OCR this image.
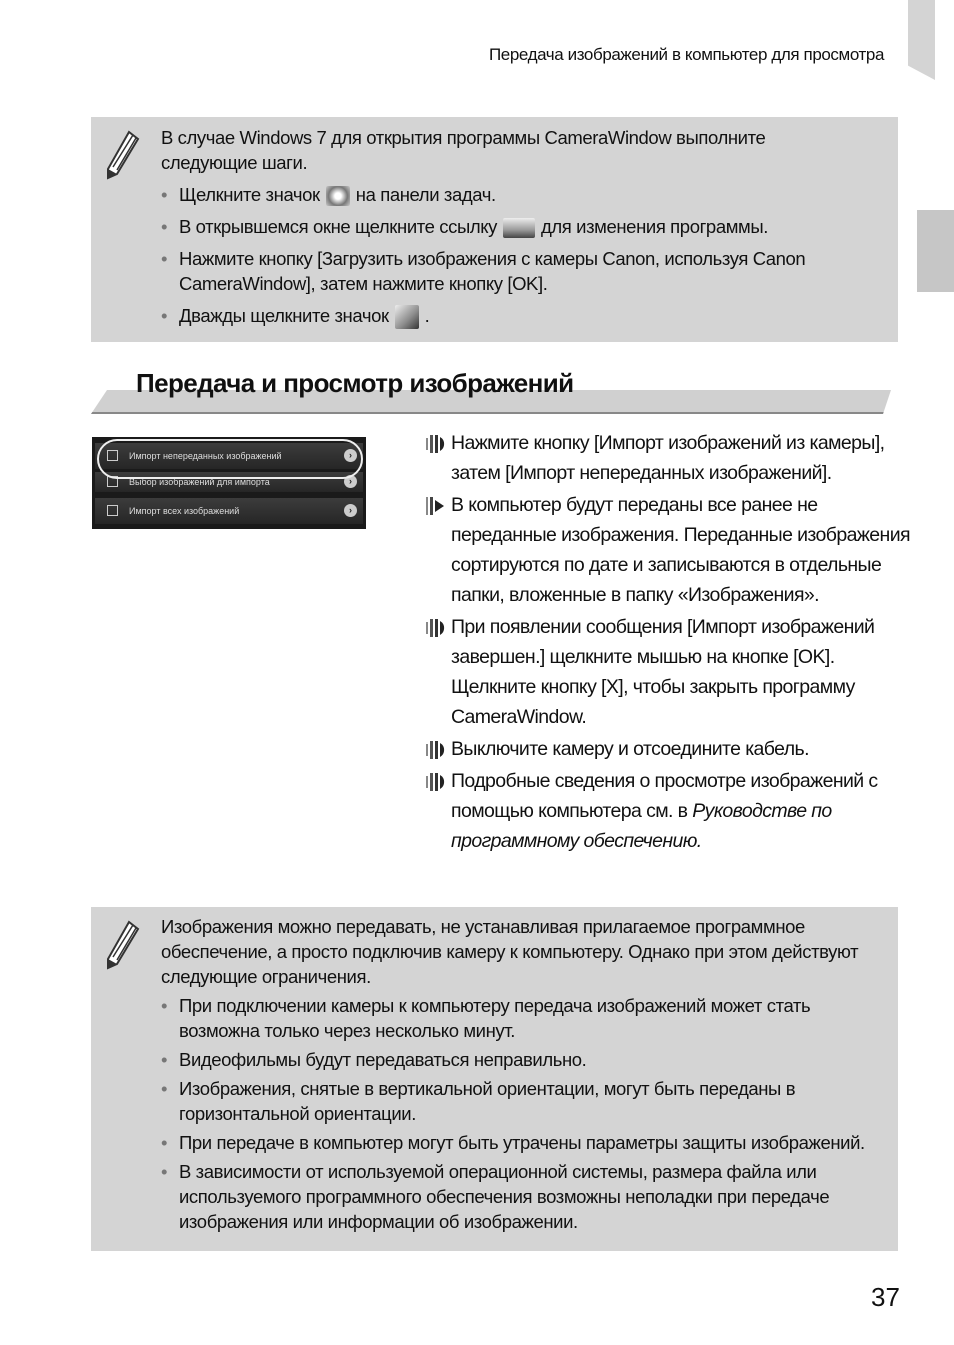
Передача изображений в компьютер для просмотра

В случае Windows 7 для открытия программы CameraWindow выполните следующие шаги.

• Щелкните значок на панели задач.
• В открывшемся окне щелкните ссылку для изменения программы.
• Нажмите кнопку [Загрузить изображения с камеры Canon, используя Canon CameraWindow], затем нажмите кнопку [OK].
• Дважды щелкните значок .
Передача и просмотр изображений
Импорт непереданных изображений	›
Выбор изображений для импорта	›
Импорт всех изображений	›
Нажмите кнопку [Импорт изображений из камеры], затем [Импорт непереданных изображений].
В компьютер будут переданы все ранее не переданные изображения. Переданные изображения сортируются по дате и записываются в отдельные папки, вложенные в папку «Изображения».
При появлении сообщения [Импорт изображений завершен.] щелкните мышью на кнопке [OK]. Щелкните кнопку [X], чтобы закрыть программу CameraWindow.
Выключите камеру и отсоедините кабель.
Подробные сведения о просмотре изображений с помощью компьютера см. в Руководстве по программному обеспечению.

Изображения можно передавать, не устанавливая прилагаемое программное обеспечение, а просто подключив камеру к компьютеру. Однако при этом действуют следующие ограничения.

• При подключении камеры к компьютеру передача изображений может стать возможна только через несколько минут.
• Видеофильмы будут передаваться неправильно.
• Изображения, снятые в вертикальной ориентации, могут быть переданы в горизонтальной ориентации.
• При передаче в компьютер могут быть утрачены параметры защиты изображений.
• В зависимости от используемой операционной системы, размера файла или используемого программного обеспечения возможны неполадки при передаче изображения или информации об изображении.
37
